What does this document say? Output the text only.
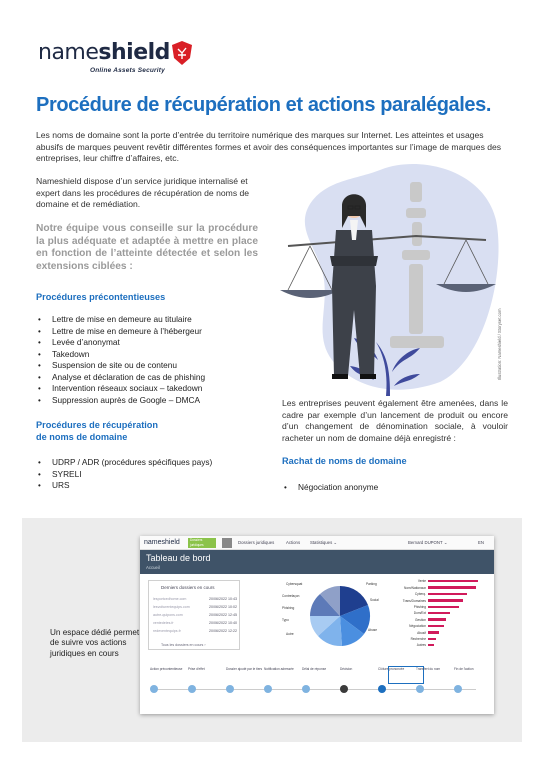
nameshield
Online Assets Security
Procédure de récupération et actions paralégales.

Les noms de domaine sont la porte d’entrée du territoire numérique des marques sur Internet. Les atteintes et usages abusifs de marques peuvent revêtir différentes formes et avoir des conséquences importantes sur l’image de marques des entreprises, leur chiffre d’affaires, etc.

Nameshield dispose d’un service juridique internalisé et expert dans les procédures de récupération de noms de domaine et de remédiation.

Notre équipe vous conseille sur la procédure la plus adéquate et adaptée à mettre en place en fonction de l’atteinte détectée et selon les extensions ciblées :

Procédures précontentieuses
• Lettre de mise en demeure au titulaire
• Lettre de mise en demeure à l’hébergeur
• Levée d’anonymat
• Takedown
• Suspension de site ou de contenu
• Analyse et déclaration de cas de phishing
• Intervention réseaux sociaux – takedown
• Suppression auprès de Google – DMCA
Procédures de récupération
de noms de domaine
• UDRP / ADR (procédures spécifiques pays)
• SYRELI
• URS
Illustration: Nameshield / Storyset.com

Les entreprises peuvent également être amenées, dans le cadre par exemple d’un lancement de produit ou encore d’un changement de dénomination sociale, à vouloir racheter un nom de domaine déjà enregistré :

Rachat de noms de domaine
• Négociation anonyme
nameshield	Dossiers juridiques	Dossiers juridiques	Actions Statistiques ⌄	Bernard DUPONT ⌄	EN
Tableau de bord
Accueil
Derniers dossiers en cours
lesportcedhome.com	20/06/2022 10:43
lesvoiturentequips.com	20/06/2022 10:02
autre-quipons.com	20/06/2022 12:45
ventedeles.fr	20/06/2022 10:40
redeventequips.fr	20/06/2022 12:22
Tous les dossiers en cours ›
Cybersquat
Contrefaçon
Phishing
Typo
Autre
Parking
Social
Abuse
Vente
Nom/Nationaux
Cyberq.
Trans/Domaines
Phishing
Dom/Ext
Gestion
Négociation
Abusif
Recherche
Autres
Action précontentieuse	Prise d'effet	Dossier ajouté par le tiers Notification adressée	Délai de réponse	Décision	Clôture prononcée	Transfert du nom	Fin de l'action

Un espace dédié permet de suivre vos actions juridiques en cours
